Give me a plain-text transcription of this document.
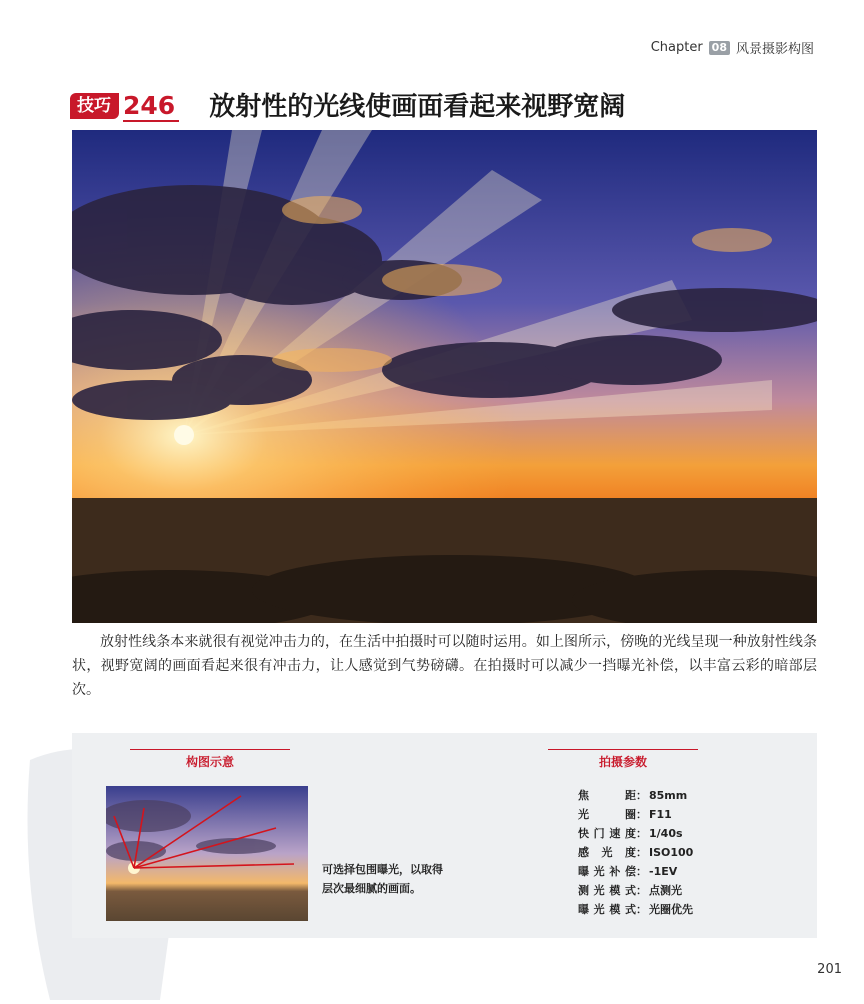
Chapter 08 风景摄影构图
技巧 246 放射性的光线使画面看起来视野宽阔

放射性线条本来就很有视觉冲击力的，在生活中拍摄时可以随时运用。如上图所示，傍晚的光线呈现一种放射性线条状，视野宽阔的画面看起来很有冲击力，让人感觉到气势磅礴。在拍摄时可以减少一挡曝光补偿，以丰富云彩的暗部层次。

构图示意	拍摄参数

可选择包围曝光，以取得层次最细腻的画面。

焦距： 85mm
光圈： F11
快门速度： 1/40s
感光度： ISO100
曝光补偿： -1EV
测光模式： 点测光
曝光模式： 光圈优先
201
